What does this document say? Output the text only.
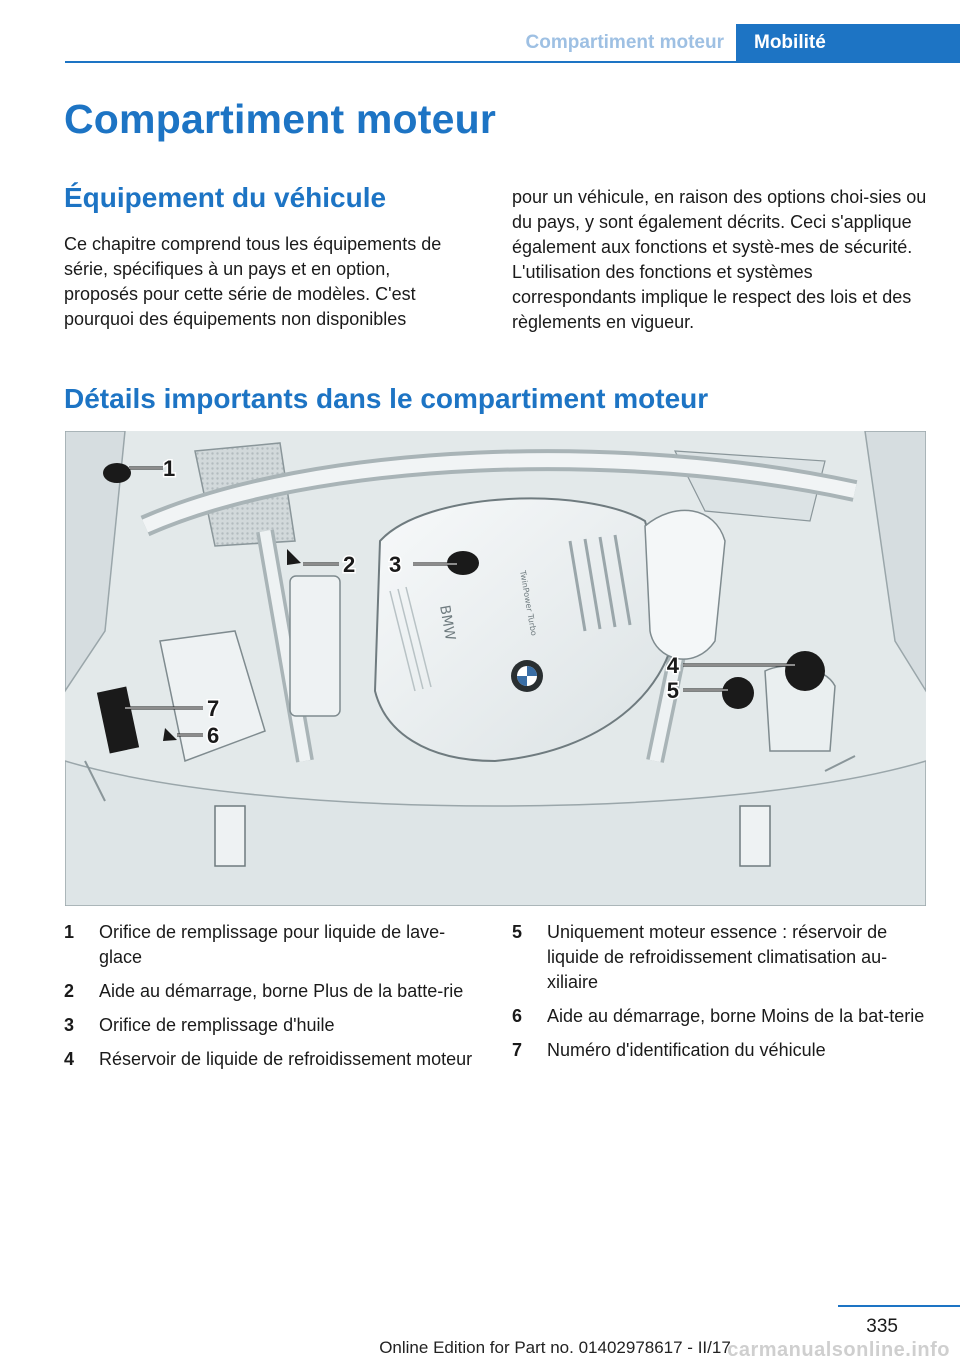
Compartiment moteur	Mobilité
Compartiment moteur
Équipement du véhicule

Ce chapitre comprend tous les équipements de série, spécifiques à un pays et en option, proposés pour cette série de modèles. C'est pourquoi des équipements non disponibles

pour un véhicule, en raison des options choi-sies ou du pays, y sont également décrits. Ceci s'applique également aux fonctions et systè-mes de sécurité. L'utilisation des fonctions et systèmes correspondants implique le respect des lois et des règlements en vigueur.

Détails importants dans le compartiment moteur
BMW	TwinPower Turbo
1
2 3
4
5
6
7
1 Orifice de remplissage pour liquide de lave-glace
2 Aide au démarrage, borne Plus de la batte-rie
3 Orifice de remplissage d'huile
4 Réservoir de liquide de refroidissement moteur
5 Uniquement moteur essence : réservoir de liquide de refroidissement climatisation au-xiliaire
6 Aide au démarrage, borne Moins de la bat-terie
7 Numéro d'identification du véhicule
335
Online Edition for Part no. 01402978617 - II/17
carmanualsonline.info
